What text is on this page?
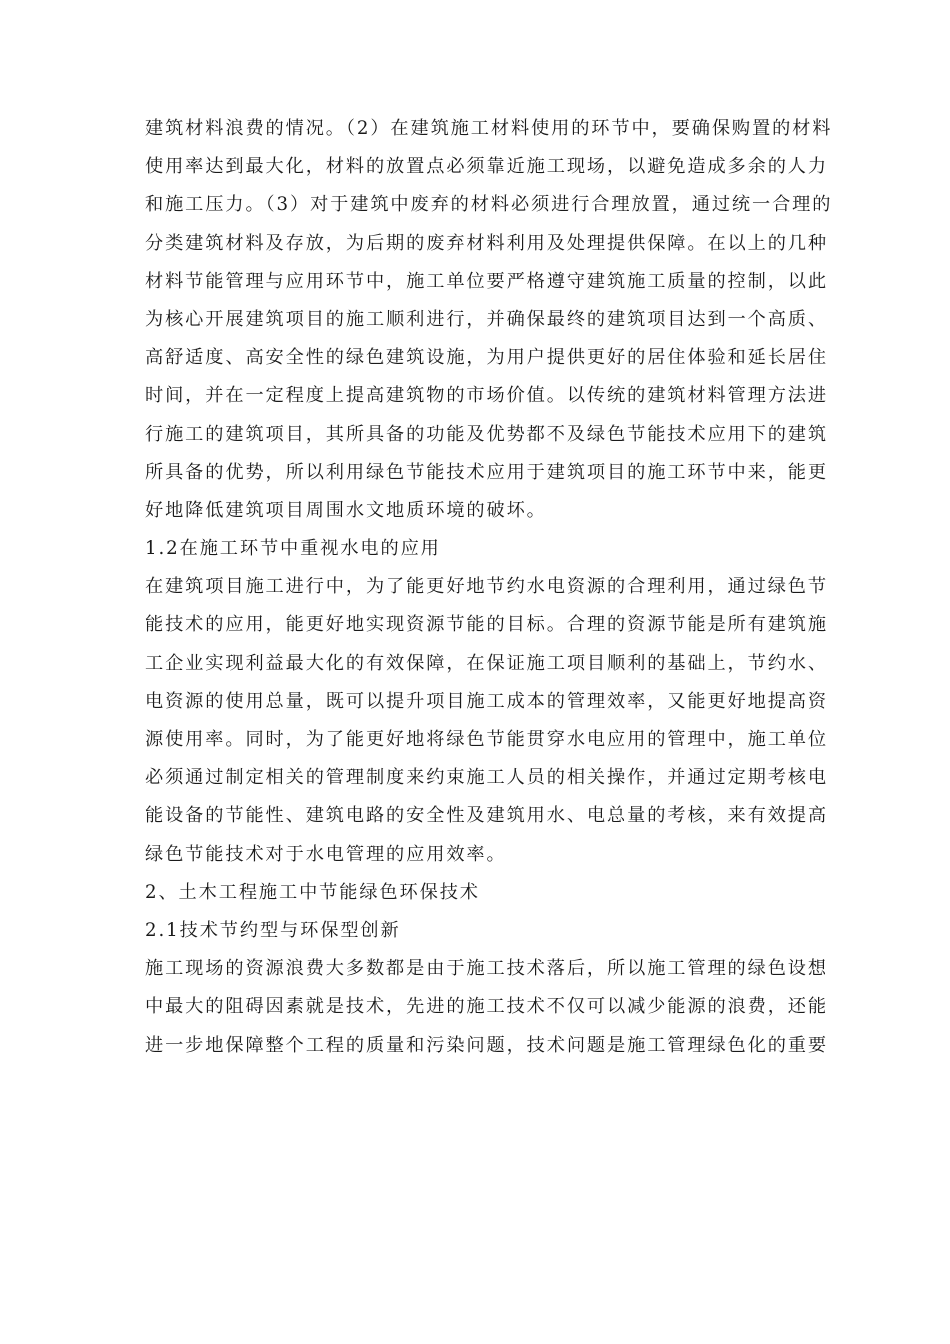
建筑材料浪费的情况。（2）在建筑施工材料使用的环节中，要确保购置的材料
使用率达到最大化，材料的放置点必须靠近施工现场，以避免造成多余的人力
和施工压力。（3）对于建筑中废弃的材料必须进行合理放置，通过统一合理的
分类建筑材料及存放，为后期的废弃材料利用及处理提供保障。在以上的几种
材料节能管理与应用环节中，施工单位要严格遵守建筑施工质量的控制，以此
为核心开展建筑项目的施工顺利进行，并确保最终的建筑项目达到一个高质、
高舒适度、高安全性的绿色建筑设施，为用户提供更好的居住体验和延长居住
时间，并在一定程度上提高建筑物的市场价值。以传统的建筑材料管理方法进
行施工的建筑项目，其所具备的功能及优势都不及绿色节能技术应用下的建筑
所具备的优势，所以利用绿色节能技术应用于建筑项目的施工环节中来，能更
好地降低建筑项目周围水文地质环境的破坏。
1.2在施工环节中重视水电的应用
在建筑项目施工进行中，为了能更好地节约水电资源的合理利用，通过绿色节
能技术的应用，能更好地实现资源节能的目标。合理的资源节能是所有建筑施
工企业实现利益最大化的有效保障，在保证施工项目顺利的基础上，节约水、
电资源的使用总量，既可以提升项目施工成本的管理效率，又能更好地提高资
源使用率。同时，为了能更好地将绿色节能贯穿水电应用的管理中，施工单位
必须通过制定相关的管理制度来约束施工人员的相关操作，并通过定期考核电
能设备的节能性、建筑电路的安全性及建筑用水、电总量的考核，来有效提高
绿色节能技术对于水电管理的应用效率。
2、土木工程施工中节能绿色环保技术
2.1技术节约型与环保型创新
施工现场的资源浪费大多数都是由于施工技术落后，所以施工管理的绿色设想
中最大的阻碍因素就是技术，先进的施工技术不仅可以减少能源的浪费，还能
进一步地保障整个工程的质量和污染问题，技术问题是施工管理绿色化的重要
